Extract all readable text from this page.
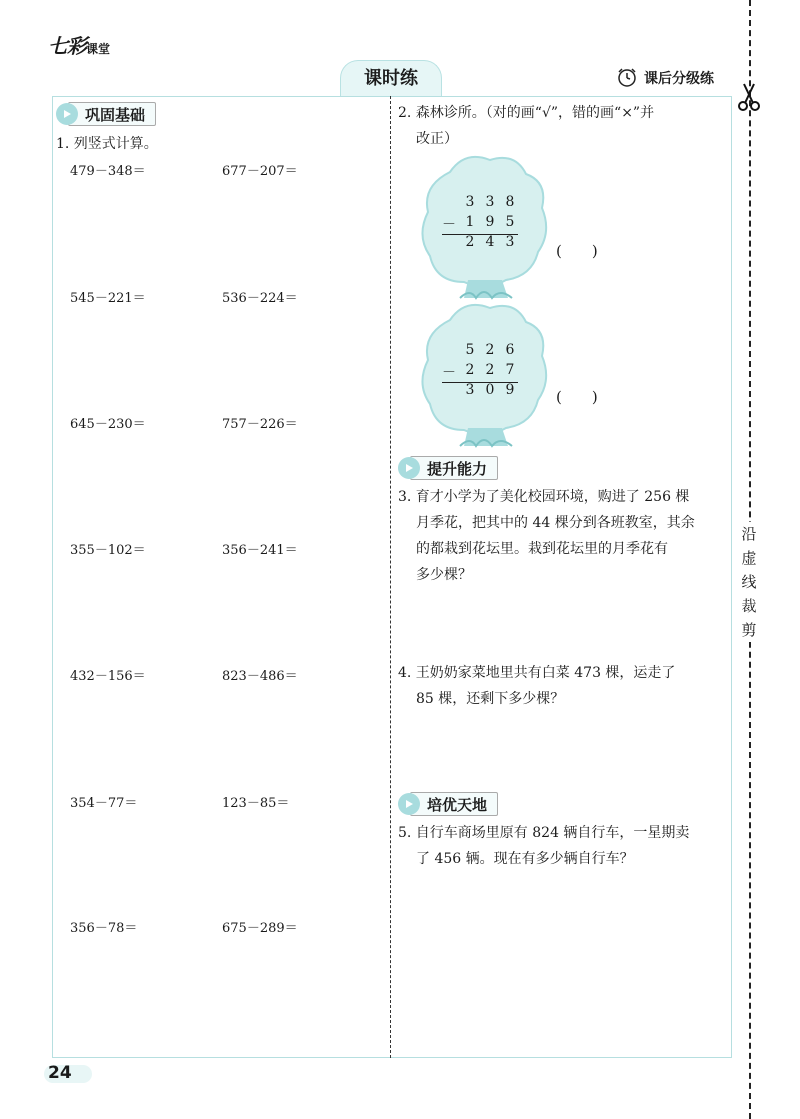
七彩课堂
课时练	课后分级练
沿
虚
线
裁
剪
巩固基础
1. 列竖式计算。
479－348＝	677－207＝
545－221＝	536－224＝
645－230＝	757－226＝
355－102＝	356－241＝
432－156＝	823－486＝
354－77＝	123－85＝
356－78＝	675－289＝
2. 森林诊所。（对的画“√”，错的画“×”并
改正）
3 3 8
－ 1 9 5
2 4 3	(　　)
5 2 6
－ 2 2 7
3 0 9	(　　)
提升能力
3. 育才小学为了美化校园环境，购进了 256 棵
月季花，把其中的 44 棵分到各班教室，其余
的都栽到花坛里。栽到花坛里的月季花有
多少棵？
4. 王奶奶家菜地里共有白菜 473 棵，运走了
85 棵，还剩下多少棵？
培优天地
5. 自行车商场里原有 824 辆自行车，一星期卖
了 456 辆。现在有多少辆自行车？
24
